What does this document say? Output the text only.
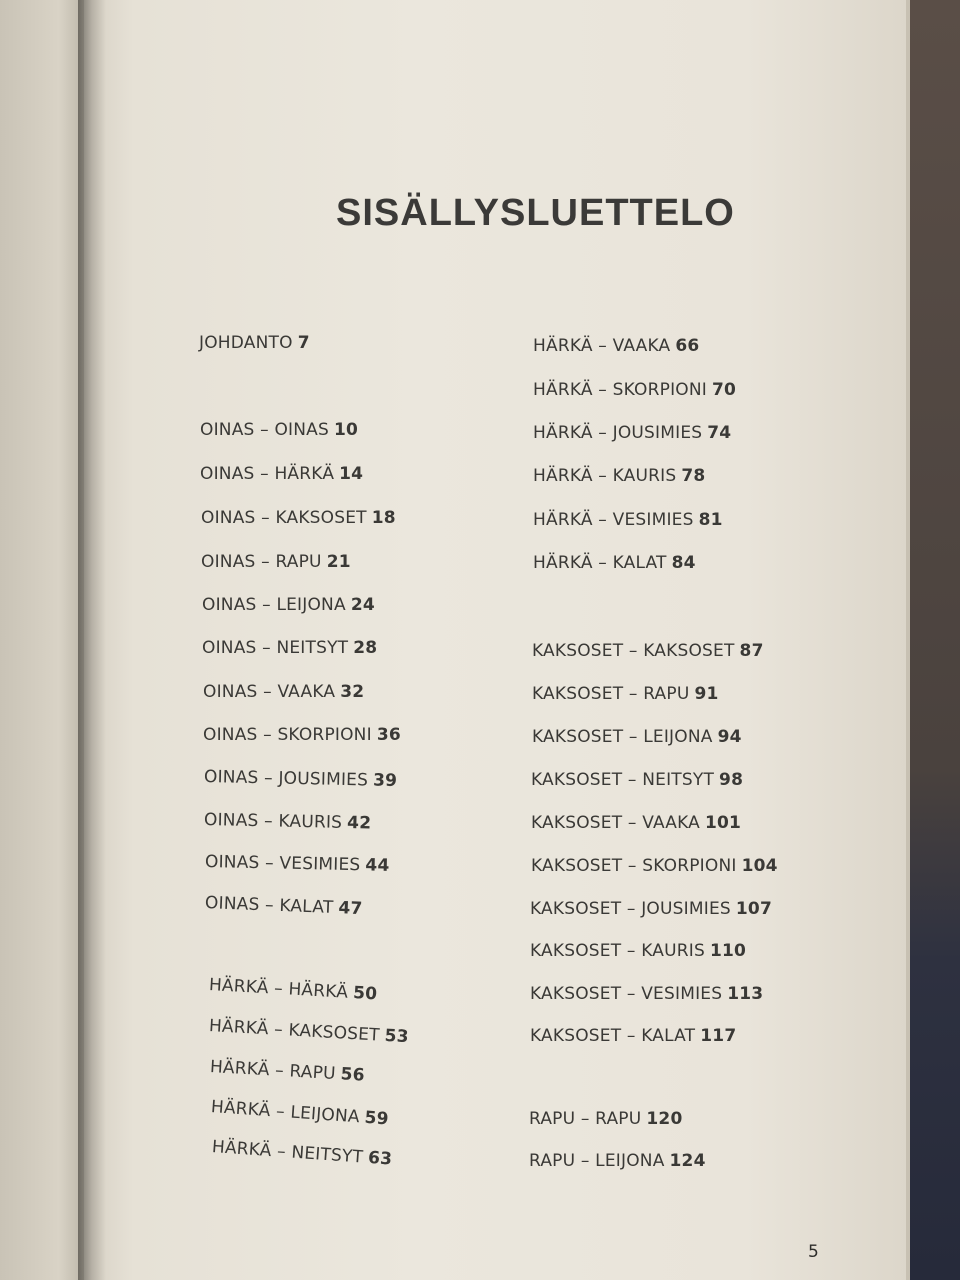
SISÄLLYSLUETTELO
JOHDANTO 7
OINAS – OINAS 10
OINAS – HÄRKÄ 14
OINAS – KAKSOSET 18
OINAS – RAPU 21
OINAS – LEIJONA 24
OINAS – NEITSYT 28
OINAS – VAAKA 32
OINAS – SKORPIONI 36
OINAS – JOUSIMIES 39
OINAS – KAURIS 42
OINAS – VESIMIES 44
OINAS – KALAT 47
HÄRKÄ – HÄRKÄ 50
HÄRKÄ – KAKSOSET 53
HÄRKÄ – RAPU 56
HÄRKÄ – LEIJONA 59
HÄRKÄ – NEITSYT 63
HÄRKÄ – VAAKA 66
HÄRKÄ – SKORPIONI 70
HÄRKÄ – JOUSIMIES 74
HÄRKÄ – KAURIS 78
HÄRKÄ – VESIMIES 81
HÄRKÄ – KALAT 84
KAKSOSET – KAKSOSET 87
KAKSOSET – RAPU 91
KAKSOSET – LEIJONA 94
KAKSOSET – NEITSYT 98
KAKSOSET – VAAKA 101
KAKSOSET – SKORPIONI 104
KAKSOSET – JOUSIMIES 107
KAKSOSET – KAURIS 110
KAKSOSET – VESIMIES 113
KAKSOSET – KALAT 117
RAPU – RAPU 120
RAPU – LEIJONA 124
5
